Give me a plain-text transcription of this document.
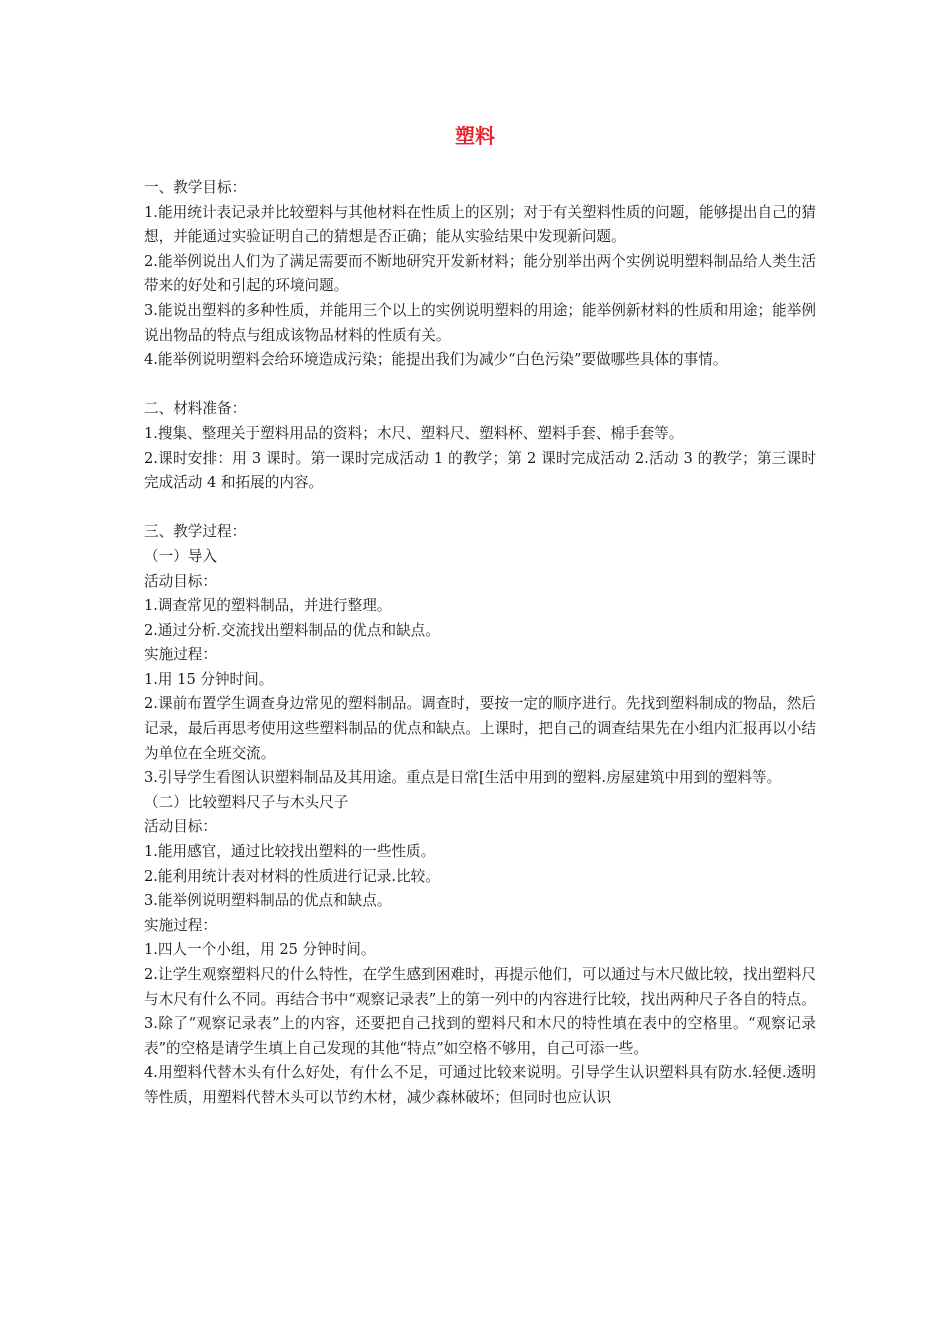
塑料

一、教学目标：

1.能用统计表记录并比较塑料与其他材料在性质上的区别；对于有关塑料性质的问题，能够提出自己的猜想，并能通过实验证明自己的猜想是否正确；能从实验结果中发现新问题。

2.能举例说出人们为了满足需要而不断地研究开发新材料；能分别举出两个实例说明塑料制品给人类生活带来的好处和引起的环境问题。

3.能说出塑料的多种性质，并能用三个以上的实例说明塑料的用途；能举例新材料的性质和用途；能举例说出物品的特点与组成该物品材料的性质有关。

4.能举例说明塑料会给环境造成污染；能提出我们为减少“白色污染”要做哪些具体的事情。

二、材料准备：

1.搜集、整理关于塑料用品的资料；木尺、塑料尺、塑料杯、塑料手套、棉手套等。

2.课时安排：用 3 课时。第一课时完成活动 1 的教学；第 2 课时完成活动 2.活动 3 的教学；第三课时完成活动 4 和拓展的内容。

三、教学过程：

（一）导入

活动目标：

1.调查常见的塑料制品，并进行整理。

2.通过分析.交流找出塑料制品的优点和缺点。

实施过程：

1.用 15 分钟时间。

2.课前布置学生调查身边常见的塑料制品。调查时，要按一定的顺序进行。先找到塑料制成的物品，然后记录，最后再思考使用这些塑料制品的优点和缺点。上课时，把自己的调查结果先在小组内汇报再以小结为单位在全班交流。

3.引导学生看图认识塑料制品及其用途。重点是日常[生活中用到的塑料.房屋建筑中用到的塑料等。

（二）比较塑料尺子与木头尺子

活动目标：

1.能用感官，通过比较找出塑料的一些性质。

2.能利用统计表对材料的性质进行记录.比较。

3.能举例说明塑料制品的优点和缺点。

实施过程：

1.四人一个小组，用 25 分钟时间。

2.让学生观察塑料尺的什么特性，在学生感到困难时，再提示他们，可以通过与木尺做比较，找出塑料尺与木尺有什么不同。再结合书中“观察记录表”上的第一列中的内容进行比较，找出两种尺子各自的特点。

3.除了“观察记录表”上的内容，还要把自己找到的塑料尺和木尺的特性填在表中的空格里。“观察记录表”的空格是请学生填上自己发现的其他“特点”如空格不够用，自己可添一些。

4.用塑料代替木头有什么好处，有什么不足，可通过比较来说明。引导学生认识塑料具有防水.轻便.透明等性质，用塑料代替木头可以节约木材，减少森林破坏；但同时也应认识
